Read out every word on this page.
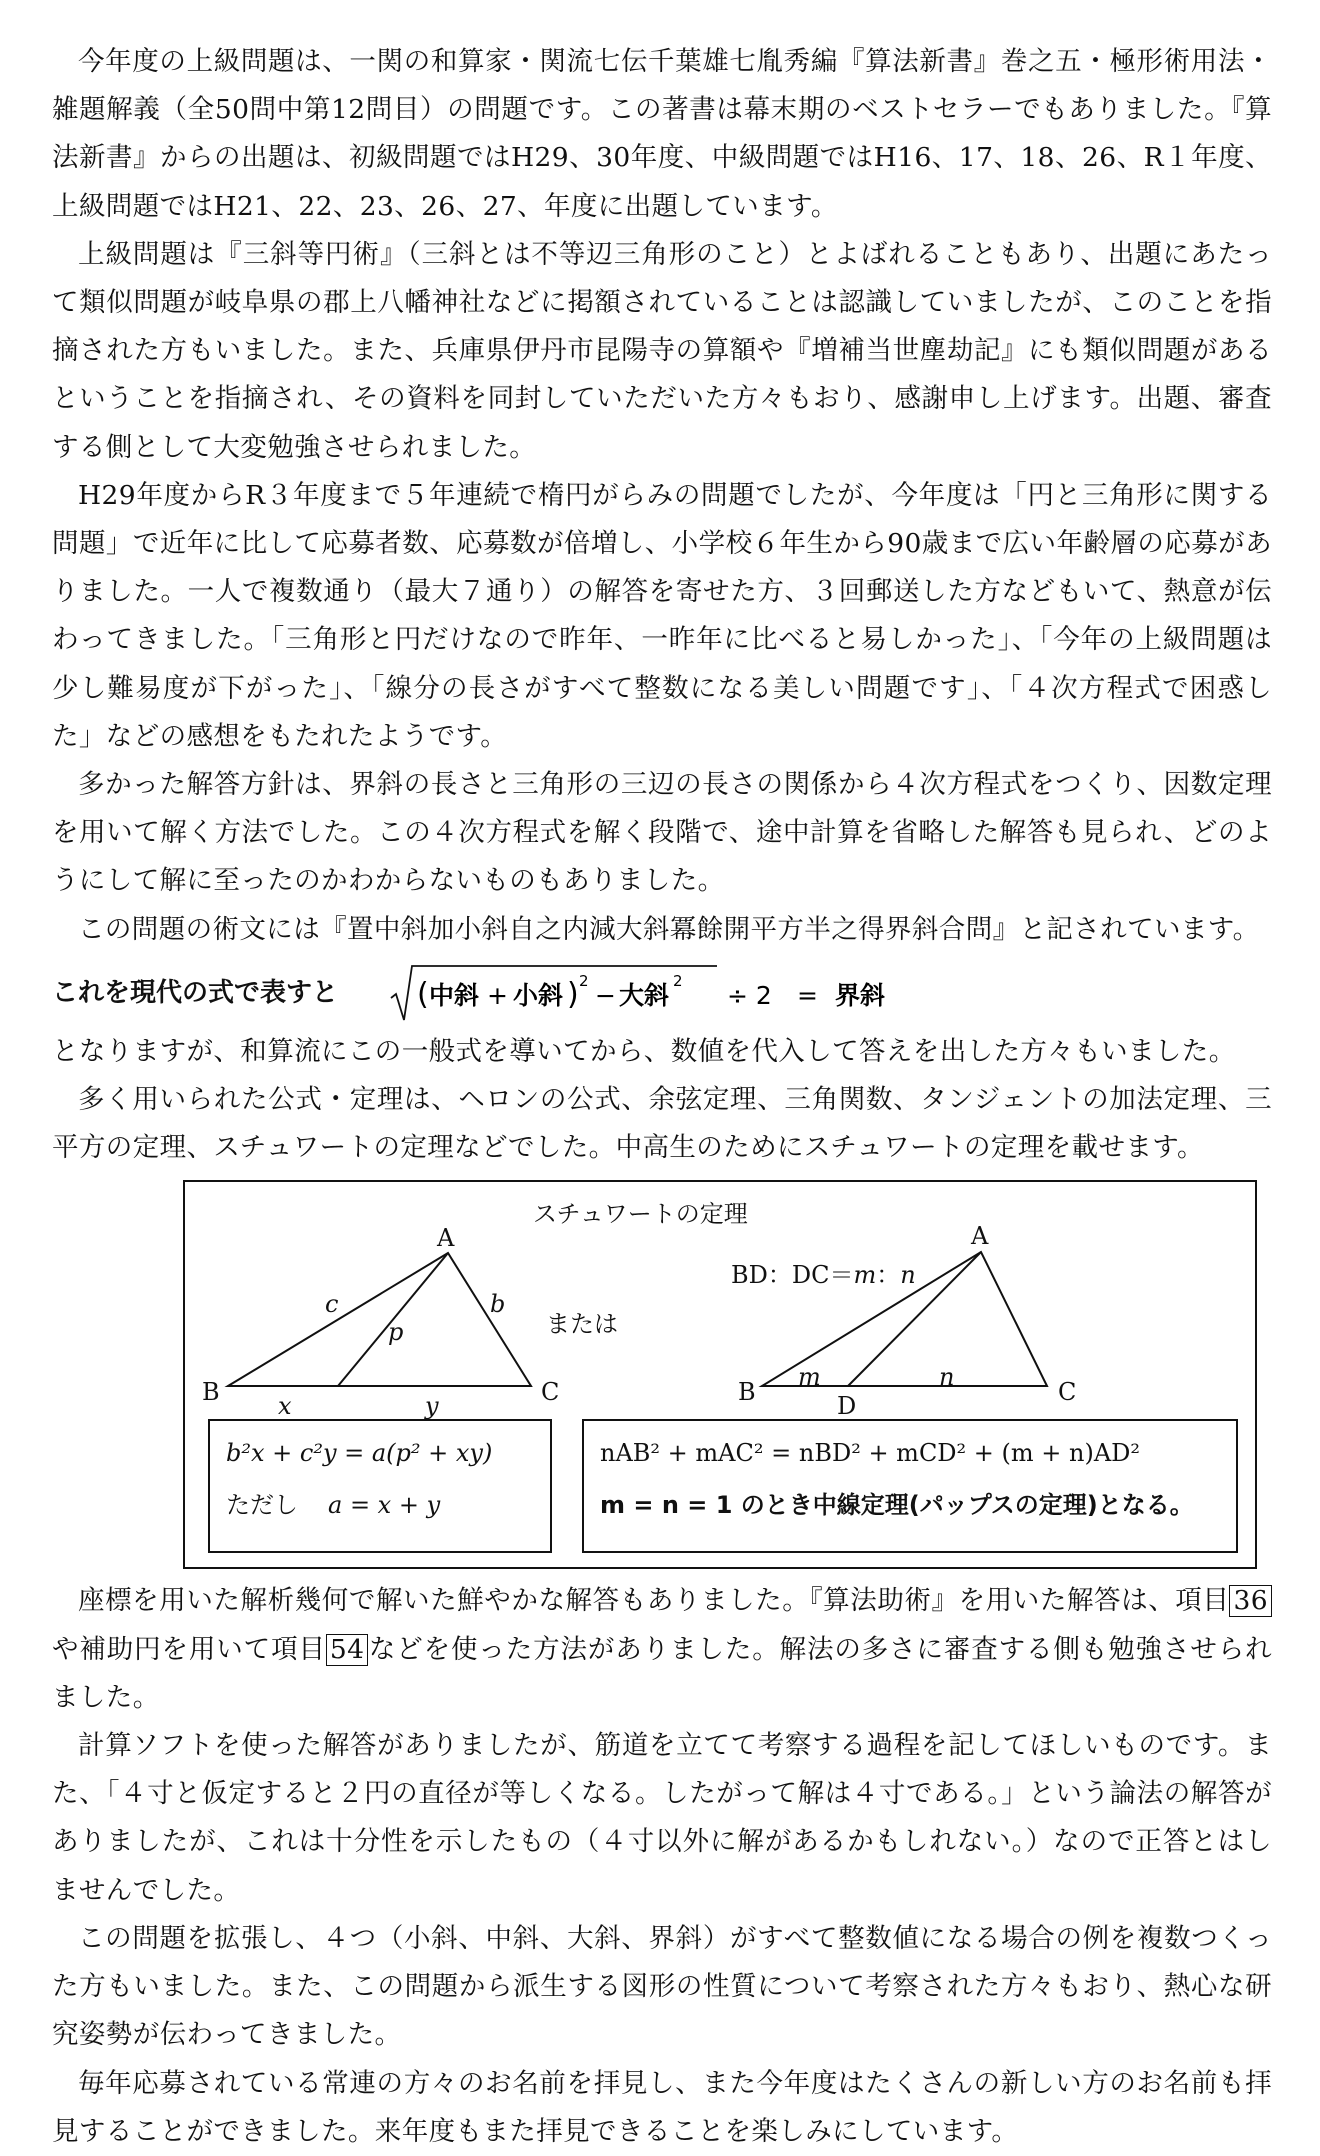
今年度の上級問題は、一関の和算家・関流七伝千葉雄七胤秀編『算法新書』巻之五・極形術用法・雑題解義（全50問中第12問目）の問題です。この著書は幕末期のベストセラーでもありました。『算法新書』からの出題は、初級問題ではH29、30年度、中級問題ではH16、17、18、26、R１年度、上級問題ではH21、22、23、26、27、年度に出題しています。

上級問題は『三斜等円術』（三斜とは不等辺三角形のこと）とよばれることもあり、出題にあたって類似問題が岐阜県の郡上八幡神社などに掲額されていることは認識していましたが、このことを指摘された方もいました。また、兵庫県伊丹市昆陽寺の算額や『増補当世塵劫記』にも類似問題があるということを指摘され、その資料を同封していただいた方々もおり、感謝申し上げます。出題、審査する側として大変勉強させられました。

H29年度からR３年度まで５年連続で楕円がらみの問題でしたが、今年度は「円と三角形に関する問題」で近年に比して応募者数、応募数が倍増し、小学校６年生から90歳まで広い年齢層の応募がありました。一人で複数通り（最大７通り）の解答を寄せた方、３回郵送した方などもいて、熱意が伝わってきました。「三角形と円だけなので昨年、一昨年に比べると易しかった」、「今年の上級問題は少し難易度が下がった」、「線分の長さがすべて整数になる美しい問題です」、「４次方程式で困惑した」などの感想をもたれたようです。

多かった解答方針は、界斜の長さと三角形の三辺の長さの関係から４次方程式をつくり、因数定理を用いて解く方法でした。この４次方程式を解く段階で、途中計算を省略した解答も見られ、どのようにして解に至ったのかわからないものもありました。

この問題の術文には『置中斜加小斜自之内減大斜冪餘開平方半之得界斜合問』と記されています。

これを現代の式で表すと	( 中斜 + 小斜 ) 2 − 大斜 2 ÷ 2 = 界斜

となりますが、和算流にこの一般式を導いてから、数値を代入して答えを出した方々もいました。

多く用いられた公式・定理は、ヘロンの公式、余弦定理、三角関数、タンジェントの加法定理、三平方の定理、スチュワートの定理などでした。中高生のためにスチュワートの定理を載せます。

スチュワートの定理
A
c	b
p
B	C
x	y
または
BD：DC＝m：n
A
B	C
D
m	n
b²x + c²y = a(p² + xy)
ただし a = x + y
nAB² + mAC² = nBD² + mCD² + (m + n)AD²
m = n = 1 のとき中線定理(パップスの定理)となる。

座標を用いた解析幾何で解いた鮮やかな解答もありました。『算法助術』を用いた解答は、項目 36や補助円を用いて項目 54 などを使った方法がありました。解法の多さに審査する側も勉強させられました。

計算ソフトを使った解答がありましたが、筋道を立てて考察する過程を記してほしいものです。また、「４寸と仮定すると２円の直径が等しくなる。したがって解は４寸である。」という論法の解答がありましたが、これは十分性を示したもの（４寸以外に解があるかもしれない。）なので正答とはしませんでした。

この問題を拡張し、４つ（小斜、中斜、大斜、界斜）がすべて整数値になる場合の例を複数つくった方もいました。また、この問題から派生する図形の性質について考察された方々もおり、熱心な研究姿勢が伝わってきました。

毎年応募されている常連の方々のお名前を拝見し、また今年度はたくさんの新しい方のお名前も拝見することができました。来年度もまた拝見できることを楽しみにしています。
